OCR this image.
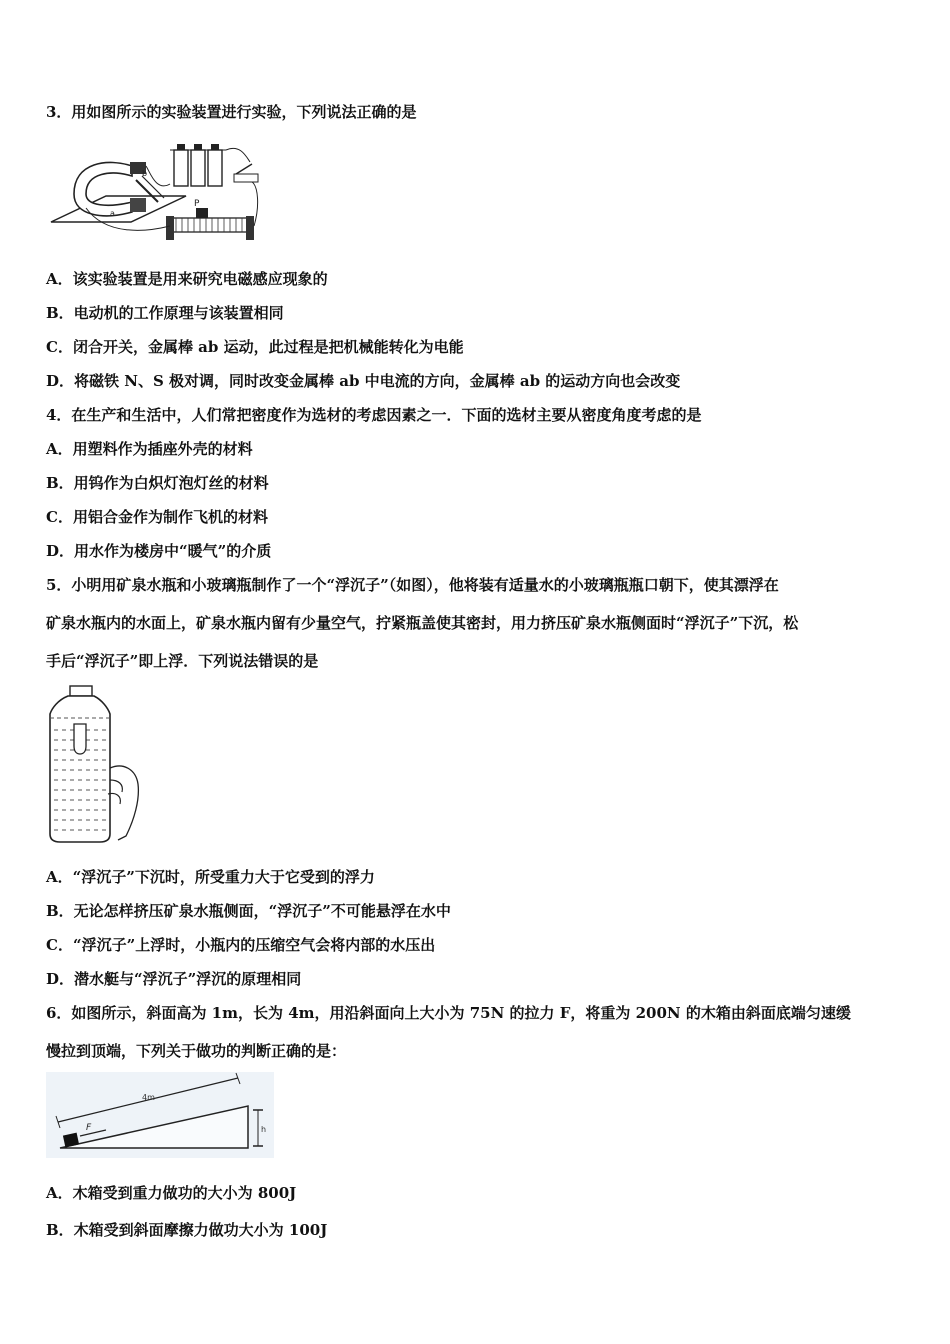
3．用如图所示的实验装置进行实验，下列说法正确的是
b
a
P
A．该实验装置是用来研究电磁感应现象的
B．电动机的工作原理与该装置相同
C．闭合开关，金属棒 ab 运动，此过程是把机械能转化为电能
D．将磁铁 N、S 极对调，同时改变金属棒 ab 中电流的方向，金属棒 ab 的运动方向也会改变
4．在生产和生活中，人们常把密度作为选材的考虑因素之一．下面的选材主要从密度角度考虑的是
A．用塑料作为插座外壳的材料
B．用钨作为白炽灯泡灯丝的材料
C．用铝合金作为制作飞机的材料
D．用水作为楼房中“暖气”的介质
5．小明用矿泉水瓶和小玻璃瓶制作了一个“浮沉子”（如图），他将装有适量水的小玻璃瓶瓶口朝下，使其漂浮在
矿泉水瓶内的水面上，矿泉水瓶内留有少量空气，拧紧瓶盖使其密封，用力挤压矿泉水瓶侧面时“浮沉子”下沉，松
手后“浮沉子”即上浮．下列说法错误的是
A．“浮沉子”下沉时，所受重力大于它受到的浮力
B．无论怎样挤压矿泉水瓶侧面，“浮沉子”不可能悬浮在水中
C．“浮沉子”上浮时，小瓶内的压缩空气会将内部的水压出
D．潜水艇与“浮沉子”浮沉的原理相同
6．如图所示，斜面高为 1m，长为 4m，用沿斜面向上大小为 75N 的拉力 F，将重为 200N 的木箱由斜面底端匀速缓
慢拉到顶端，下列关于做功的判断正确的是：
4m
F	h
A．木箱受到重力做功的大小为 800J
B．木箱受到斜面摩擦力做功大小为 100J
